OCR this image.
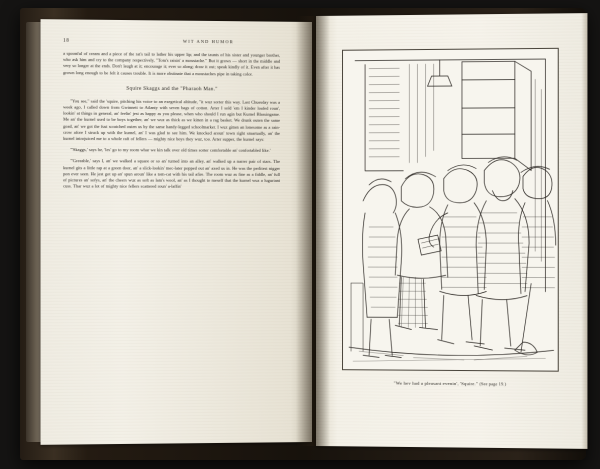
18	WIT AND HUMOR

a spoonful of cream and a piece of the rat's tail to lather his upper lip; and the taunts of his sister and younger brother, who ask him and cry to the company respectively, "Tom's raisin' a moustache." But it grows — short in the middle and very so longer at the ends. Don't laugh at it; encourage it; ever so along; draw it out; speak kindly of it. Even after it has grown long enough to be felt it causes trouble. It is more obstinate that a moustaches pipe in taking color.

Squire Skaggs and the "Pharaoh Man."

"You see," said the 'squire, pitching his voice to an exegetical altitude, "it wuz sorter this way. Last Chuesday was a week ago, I called down from Gwinnett to Atlanty with seven bags of cotton. Arter I sold 'em I kinder loafed roun', lookin' at things in general, an' feelin' jest as happy as you please, when who should I run agin but Kurnel Blassingame. Me an' the kurnel used to be boys together, an' we wuz as thick as we kitten in a rag basket. We drunk outen the same goad, an' we got the fust scratched outen us by the same handy-legged schoolmarker. I wuz gitten an lonesome as a rain-crow afore I struck up with the kurnel, an' I was glad to see him. We knocked aroun' town right smartually, an' the kurnel introjuiced me to a whole raft of fellers — mighty nice boys they wuz, too. Arter supper, the kurnel says:

"'Skaggs,' says he, 'les' go to my room whar we kin talk over old times sorter comfortable an' confortabled like.'

"'Greeable,' says I, an' we walked a square or so an' turned into an alley, an' walked up a narrer pair of stars. The kurnel gits a little rap at a green door, an' a slick-lookin' mec-later popped out an' axed us in. He was the perlitest nigger pon ever seen. He jest got up an' spun aroun' like a tom-cat with his tail afire. The room wuz as fine as a fiddle, an' full of pictures an' sofys, an' the cheers wuz as soft as lam's wool, an' as I thought to meself that the kurnel wuz a luguriant cuss. Thar wuz a lot of mighty nice fellers scattered roun' a-laffin'

"We hev had a pleasant evenin', 'Squire." (See page 19.)
